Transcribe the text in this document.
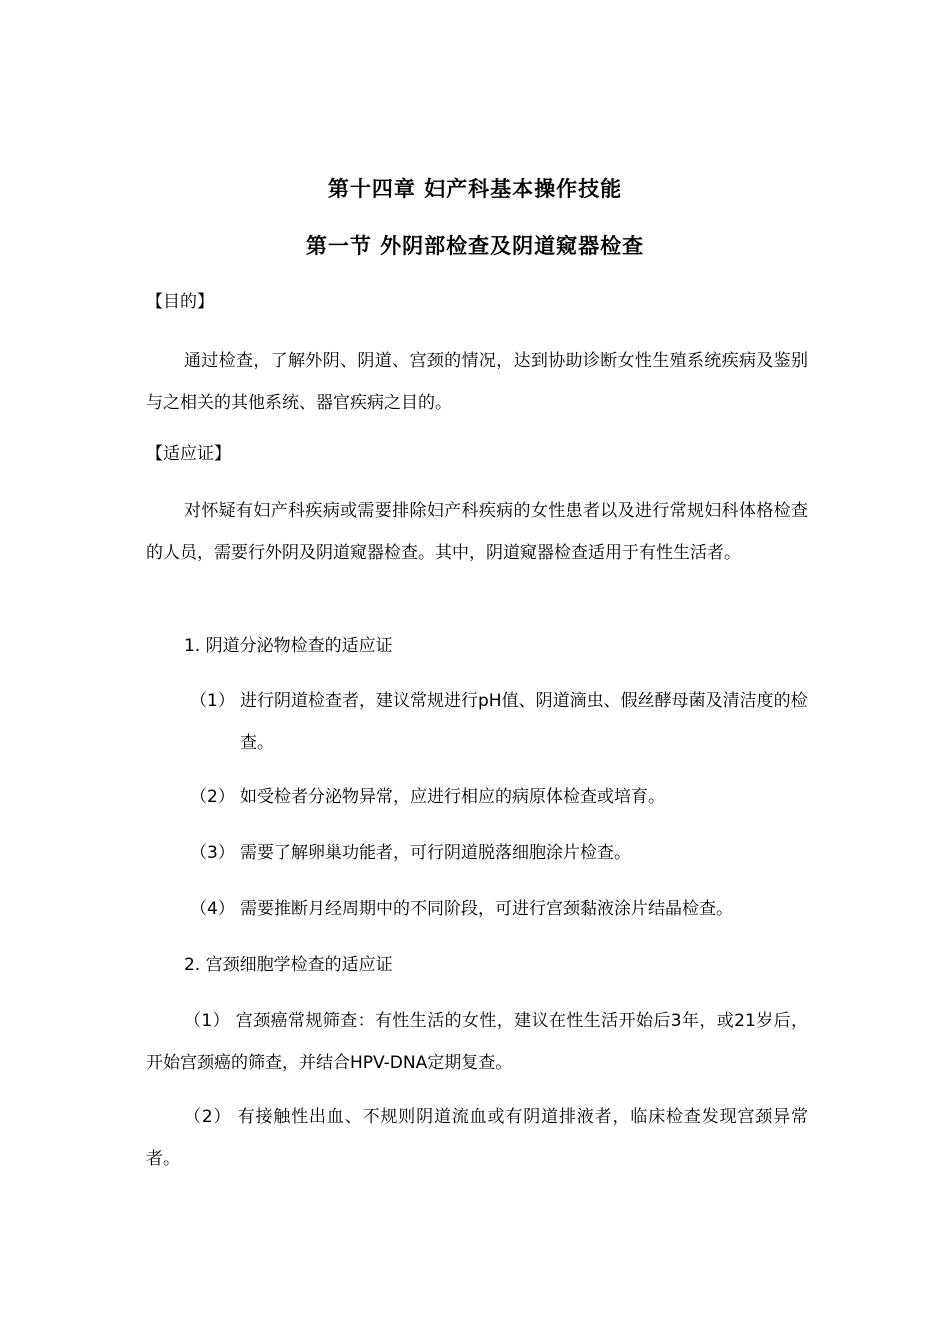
第十四章 妇产科基本操作技能
第一节 外阴部检查及阴道窥器检查

【目的】

通过检查，了解外阴、阴道、宫颈的情况，达到协助诊断女性生殖系统疾病及鉴别与之相关的其他系统、器官疾病之目的。

【适应证】

对怀疑有妇产科疾病或需要排除妇产科疾病的女性患者以及进行常规妇科体格检查的人员，需要行外阴及阴道窥器检查。其中，阴道窥器检查适用于有性生活者。

1. 阴道分泌物检查的适应证

（1） 进行阴道检查者，建议常规进行pH值、阴道滴虫、假丝酵母菌及清洁度的检查。
（2） 如受检者分泌物异常，应进行相应的病原体检查或培育。
（3） 需要了解卵巢功能者，可行阴道脱落细胞涂片检查。
（4） 需要推断月经周期中的不同阶段，可进行宫颈黏液涂片结晶检查。

2. 宫颈细胞学检查的适应证

（1） 宫颈癌常规筛查：有性生活的女性，建议在性生活开始后3年，或21岁后，开始宫颈癌的筛查，并结合HPV-DNA定期复查。

（2） 有接触性出血、不规则阴道流血或有阴道排液者，临床检查发现宫颈异常者。
